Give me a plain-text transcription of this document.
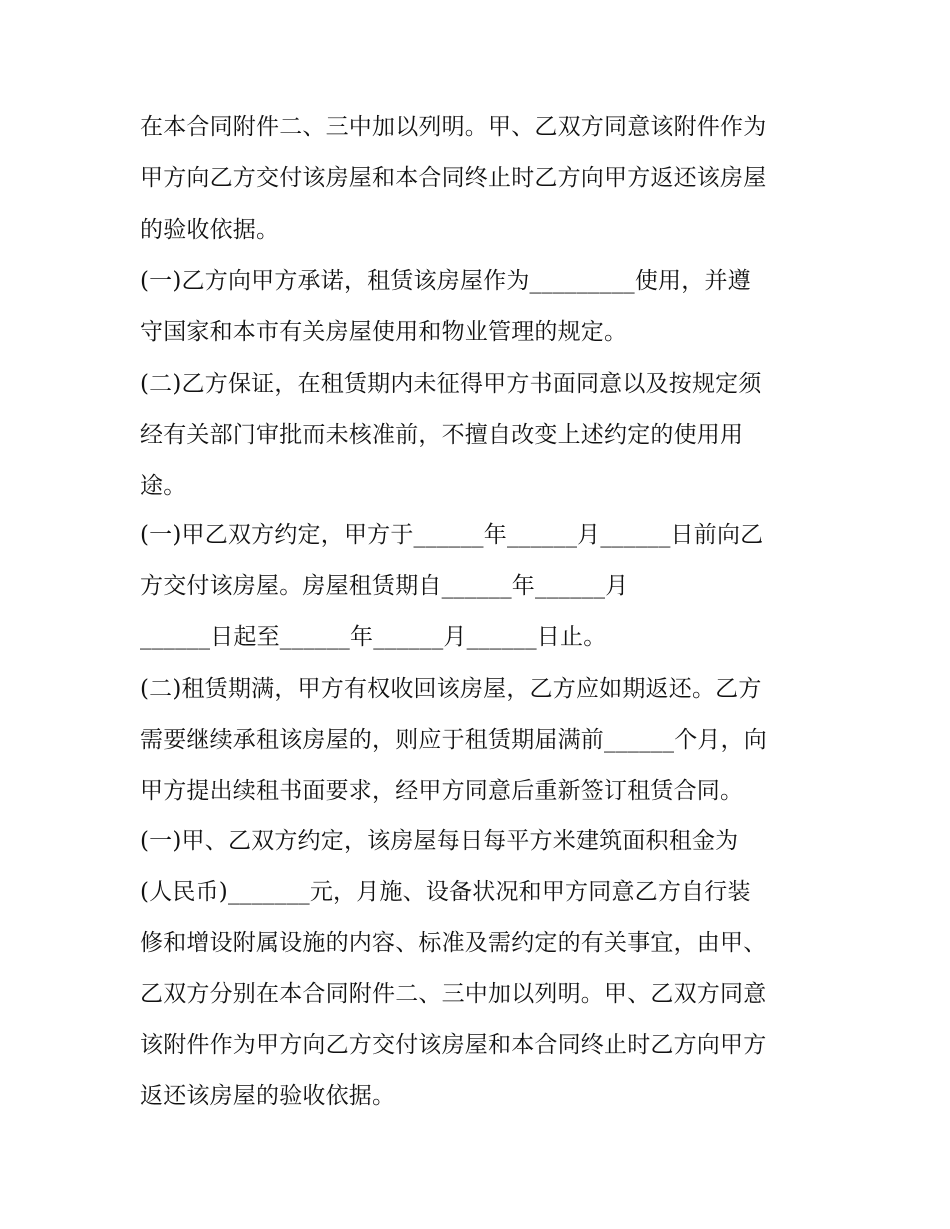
在本合同附件二、三中加以列明。甲、乙双方同意该附件作为
甲方向乙方交付该房屋和本合同终止时乙方向甲方返还该房屋
的验收依据。
(一)乙方向甲方承诺，租赁该房屋作为_________使用，并遵
守国家和本市有关房屋使用和物业管理的规定。
(二)乙方保证，在租赁期内未征得甲方书面同意以及按规定须
经有关部门审批而未核准前，不擅自改变上述约定的使用用
途。
(一)甲乙双方约定，甲方于______年______月______日前向乙
方交付该房屋。房屋租赁期自______年______月
______日起至______年______月______日止。
(二)租赁期满，甲方有权收回该房屋，乙方应如期返还。乙方
需要继续承租该房屋的，则应于租赁期届满前______个月，向
甲方提出续租书面要求，经甲方同意后重新签订租赁合同。
(一)甲、乙双方约定，该房屋每日每平方米建筑面积租金为
(人民币)_______元，月施、设备状况和甲方同意乙方自行装
修和增设附属设施的内容、标准及需约定的有关事宜，由甲、
乙双方分别在本合同附件二、三中加以列明。甲、乙双方同意
该附件作为甲方向乙方交付该房屋和本合同终止时乙方向甲方
返还该房屋的验收依据。
